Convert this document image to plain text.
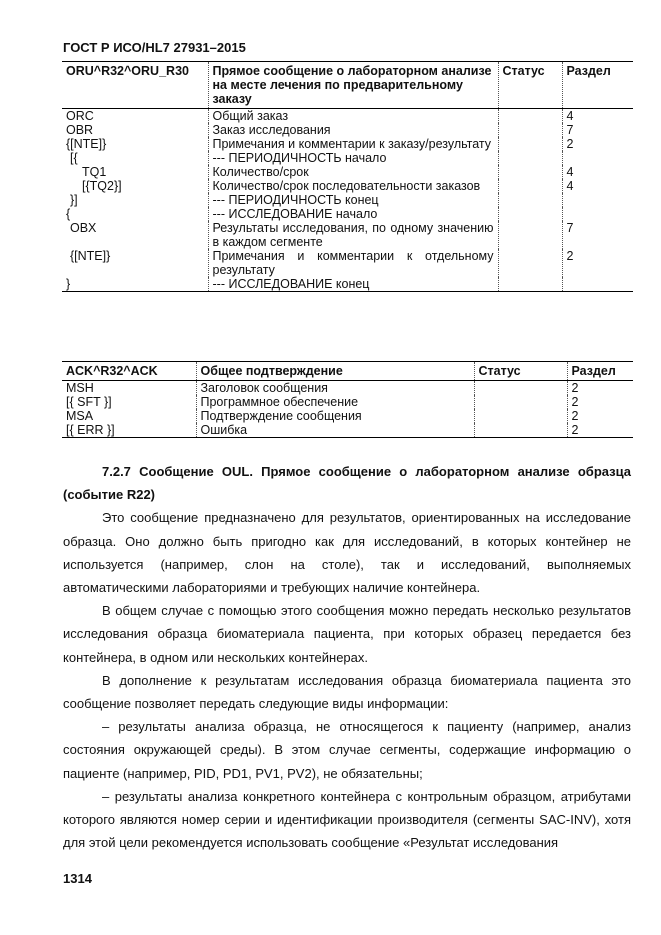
ГОСТ Р ИСО/HL7 27931–2015
ORU^R32^ORU_R30	Прямое сообщение о лабораторном анализе на месте лечения по предварительному заказу	Статус	Раздел
ORC	Общий заказ		4
OBR	Заказ исследования		7
{[NTE]}	Примечания и комментарии к заказу/результату		2
[{	--- ПЕРИОДИЧНОСТЬ начало		
TQ1	Количество/срок		4
[{TQ2}]	Количество/срок последовательности заказов		4
}]	--- ПЕРИОДИЧНОСТЬ конец		
{	--- ИССЛЕДОВАНИЕ начало		
OBX	Результаты исследования, по одному значению в каждом сегменте		7
{[NTE]}	Примечания и комментарии к отдельному результату		2
}	--- ИССЛЕДОВАНИЕ конец		
ACK^R32^ACK	Общее подтверждение	Статус	Раздел
MSH	Заголовок сообщения		2
[{ SFT }]	Программное обеспечение		2
MSA	Подтверждение сообщения		2
[{ ERR }]	Ошибка		2

7.2.7 Сообщение OUL. Прямое сообщение о лабораторном анализе образца (событие R22)

Это сообщение предназначено для результатов, ориентированных на исследование образца. Оно должно быть пригодно как для исследований, в которых контейнер не используется (например, слон на столе), так и исследований, выполняемых автоматическими лабораториями и требующих наличие контейнера.

В общем случае с помощью этого сообщения можно передать несколько результатов исследования образца биоматериала пациента, при которых образец передается без контейнера, в одном или нескольких контейнерах.

В дополнение к результатам исследования образца биоматериала пациента это сообщение позволяет передать следующие виды информации:

– результаты анализа образца, не относящегося к пациенту (например, анализ состояния окружающей среды). В этом случае сегменты, содержащие информацию о пациенте (например, PID, PD1, PV1, PV2), не обязательны;

– результаты анализа конкретного контейнера с контрольным образцом, атрибутами которого являются номер серии и идентификации производителя (сегменты SAC-INV), хотя для этой цели рекомендуется использовать сообщение «Результат исследования

1314
